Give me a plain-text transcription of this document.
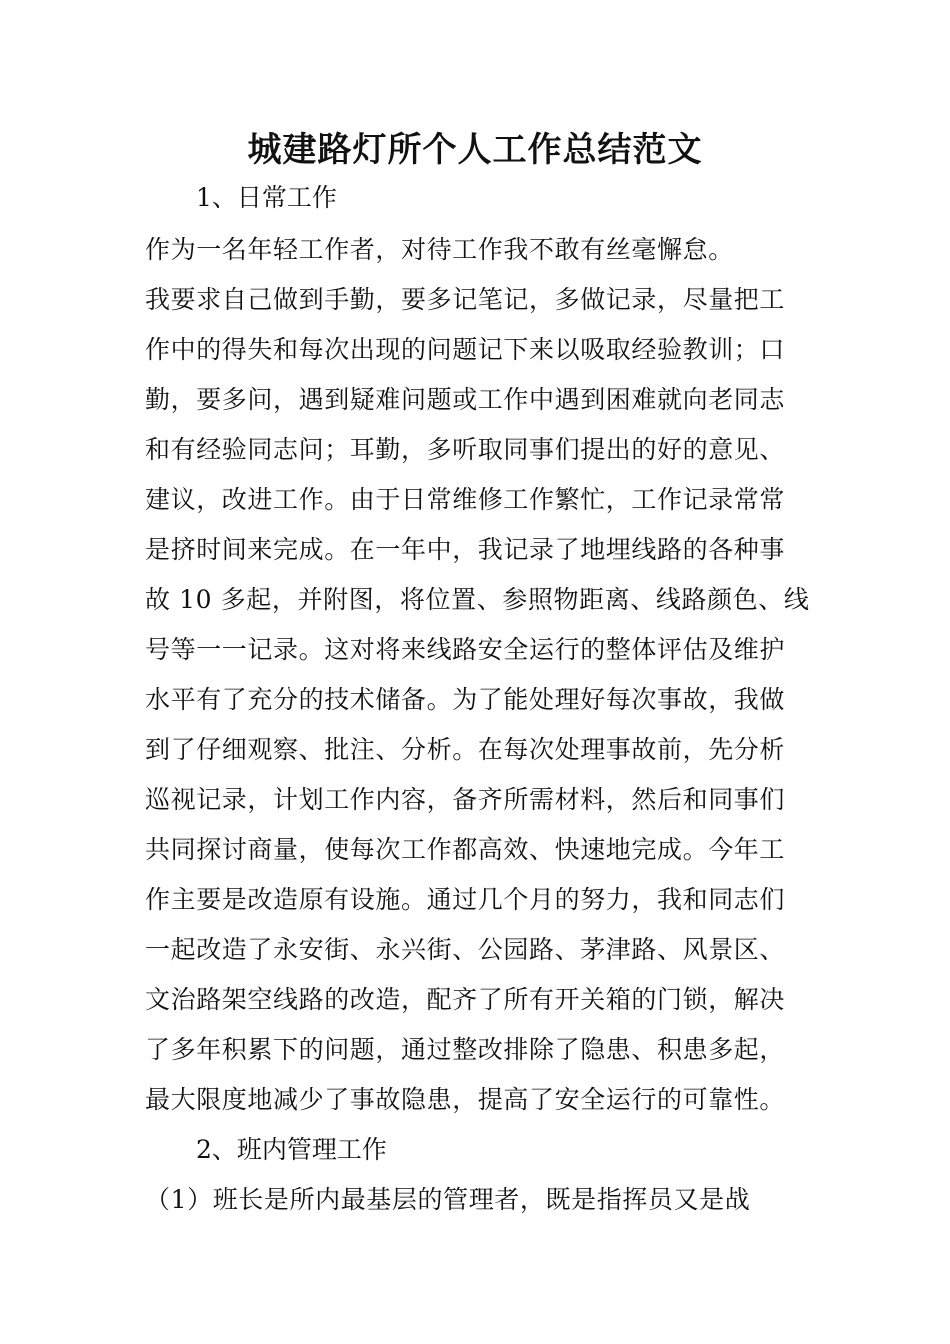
城建路灯所个人工作总结范文
1、日常工作
作为一名年轻工作者，对待工作我不敢有丝毫懈怠。
我要求自己做到手勤，要多记笔记，多做记录，尽量把工
作中的得失和每次出现的问题记下来以吸取经验教训；口
勤，要多问，遇到疑难问题或工作中遇到困难就向老同志
和有经验同志问；耳勤，多听取同事们提出的好的意见、
建议，改进工作。由于日常维修工作繁忙，工作记录常常
是挤时间来完成。在一年中，我记录了地埋线路的各种事
故 10 多起，并附图，将位置、参照物距离、线路颜色、线
号等一一记录。这对将来线路安全运行的整体评估及维护
水平有了充分的技术储备。为了能处理好每次事故，我做
到了仔细观察、批注、分析。在每次处理事故前，先分析
巡视记录，计划工作内容，备齐所需材料，然后和同事们
共同探讨商量，使每次工作都高效、快速地完成。今年工
作主要是改造原有设施。通过几个月的努力，我和同志们
一起改造了永安街、永兴街、公园路、茅津路、风景区、
文治路架空线路的改造，配齐了所有开关箱的门锁，解决
了多年积累下的问题，通过整改排除了隐患、积患多起，
最大限度地减少了事故隐患，提高了安全运行的可靠性。
2、班内管理工作
（1）班长是所内最基层的管理者，既是指挥员又是战
